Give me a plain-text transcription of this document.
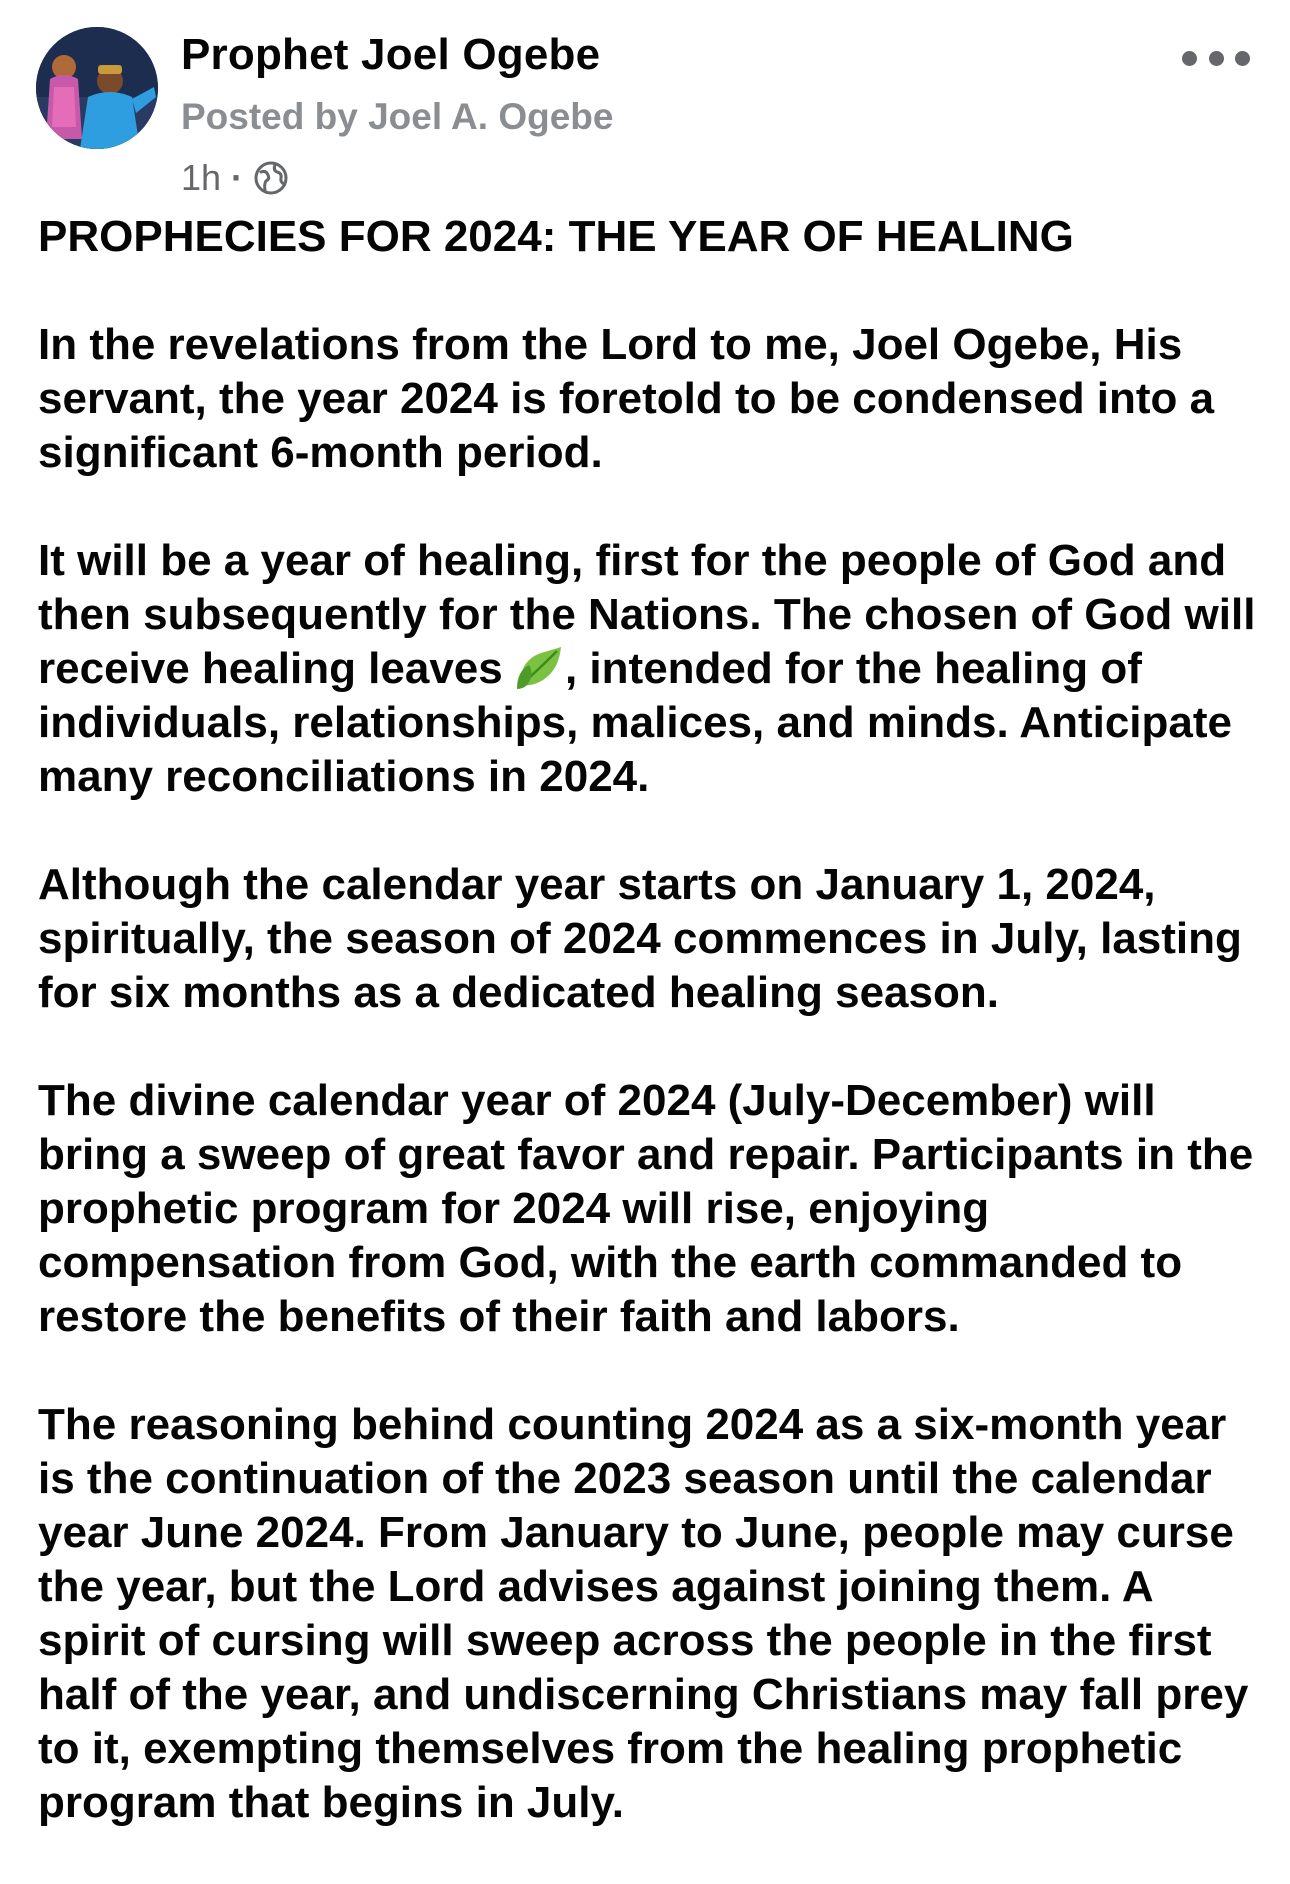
Prophet Joel Ogebe
Posted by Joel A. Ogebe
1h ·

PROPHECIES FOR 2024: THE YEAR OF HEALING

In the revelations from the Lord to me, Joel Ogebe, His servant, the year 2024 is foretold to be condensed into a significant 6-month period.

It will be a year of healing, first for the people of God and then subsequently for the Nations. The chosen of God will receive healing leaves , intended for the healing of individuals, relationships, malices, and minds. Anticipate many reconciliations in 2024.

Although the calendar year starts on January 1, 2024, spiritually, the season of 2024 commences in July, lasting for six months as a dedicated healing season.

The divine calendar year of 2024 (July-December) will bring a sweep of great favor and repair. Participants in the prophetic program for 2024 will rise, enjoying compensation from God, with the earth commanded to restore the benefits of their faith and labors.

The reasoning behind counting 2024 as a six-month year is the continuation of the 2023 season until the calendar year June 2024. From January to June, people may curse the year, but the Lord advises against joining them. A spirit of cursing will sweep across the people in the first half of the year, and undiscerning Christians may fall prey to it, exempting themselves from the healing prophetic program that begins in July.
